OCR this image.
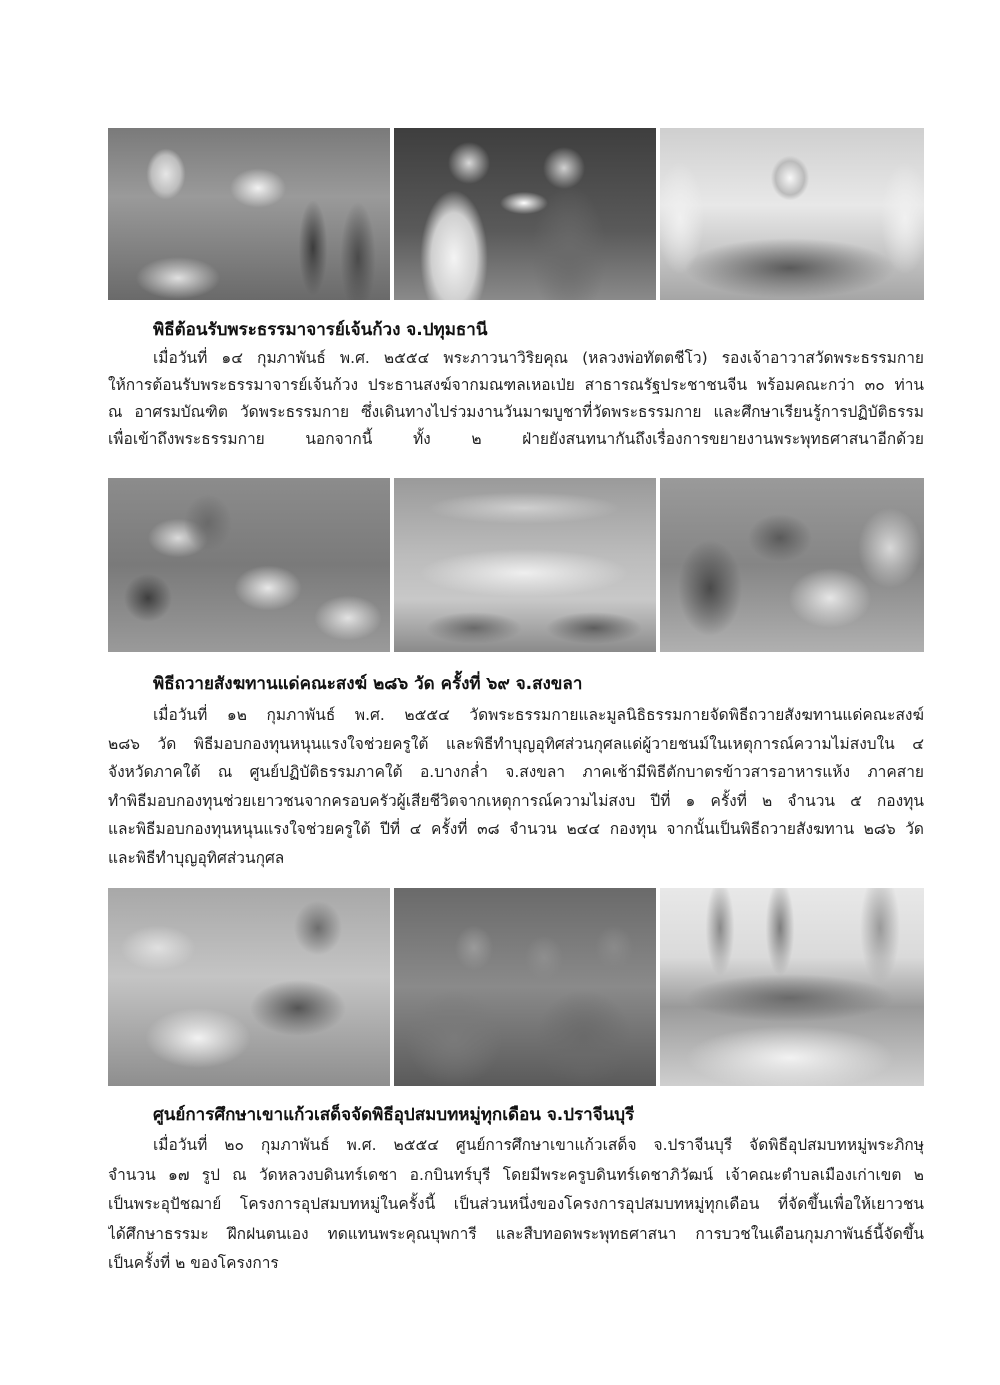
พิธีต้อนรับพระธรรมาจารย์เจ้นก้วง จ.ปทุมธานี
เมื่อวันที่ ๑๔ กุมภาพันธ์ พ.ศ. ๒๕๕๔ พระภาวนาวิริยคุณ (หลวงพ่อทัตตชีโว) รองเจ้าอาวาสวัดพระธรรมกาย
ให้การต้อนรับพระธรรมาจารย์เจ้นก้วง ประธานสงฆ์จากมณฑลเหอเป่ย สาธารณรัฐประชาชนจีน พร้อมคณะกว่า ๓๐ ท่าน
ณ อาศรมบัณฑิต วัดพระธรรมกาย ซึ่งเดินทางไปร่วมงานวันมาฆบูชาที่วัดพระธรรมกาย และศึกษาเรียนรู้การปฏิบัติธรรม
เพื่อเข้าถึงพระธรรมกาย นอกจากนี้ ทั้ง ๒ ฝ่ายยังสนทนากันถึงเรื่องการขยายงานพระพุทธศาสนาอีกด้วย
พิธีถวายสังฆทานแด่คณะสงฆ์ ๒๘๖ วัด ครั้งที่ ๖๙ จ.สงขลา
เมื่อวันที่ ๑๒ กุมภาพันธ์ พ.ศ. ๒๕๕๔ วัดพระธรรมกายและมูลนิธิธรรมกายจัดพิธีถวายสังฆทานแด่คณะสงฆ์
๒๘๖ วัด พิธีมอบกองทุนหนุนแรงใจช่วยครูใต้ และพิธีทำบุญอุทิศส่วนกุศลแด่ผู้วายชนม์ในเหตุการณ์ความไม่สงบใน ๔
จังหวัดภาคใต้ ณ ศูนย์ปฏิบัติธรรมภาคใต้ อ.บางกล่ำ จ.สงขลา ภาคเช้ามีพิธีตักบาตรข้าวสารอาหารแห้ง ภาคสาย
ทำพิธีมอบกองทุนช่วยเยาวชนจากครอบครัวผู้เสียชีวิตจากเหตุการณ์ความไม่สงบ ปีที่ ๑ ครั้งที่ ๒ จำนวน ๕ กองทุน
และพิธีมอบกองทุนหนุนแรงใจช่วยครูใต้ ปีที่ ๔ ครั้งที่ ๓๘ จำนวน ๒๔๔ กองทุน จากนั้นเป็นพิธีถวายสังฆทาน ๒๘๖ วัด
และพิธีทำบุญอุทิศส่วนกุศล
ศูนย์การศึกษาเขาแก้วเสด็จจัดพิธีอุปสมบทหมู่ทุกเดือน จ.ปราจีนบุรี
เมื่อวันที่ ๒๐ กุมภาพันธ์ พ.ศ. ๒๕๕๔ ศูนย์การศึกษาเขาแก้วเสด็จ จ.ปราจีนบุรี จัดพิธีอุปสมบทหมู่พระภิกษุ
จำนวน ๑๗ รูป ณ วัดหลวงบดินทร์เดชา อ.กบินทร์บุรี โดยมีพระครูบดินทร์เดชาภิวัฒน์ เจ้าคณะตำบลเมืองเก่าเขต ๒
เป็นพระอุปัชฌาย์ โครงการอุปสมบทหมู่ในครั้งนี้ เป็นส่วนหนึ่งของโครงการอุปสมบทหมู่ทุกเดือน ที่จัดขึ้นเพื่อให้เยาวชน
ได้ศึกษาธรรมะ ฝึกฝนตนเอง ทดแทนพระคุณบุพการี และสืบทอดพระพุทธศาสนา การบวชในเดือนกุมภาพันธ์นี้จัดขึ้น
เป็นครั้งที่ ๒ ของโครงการ
